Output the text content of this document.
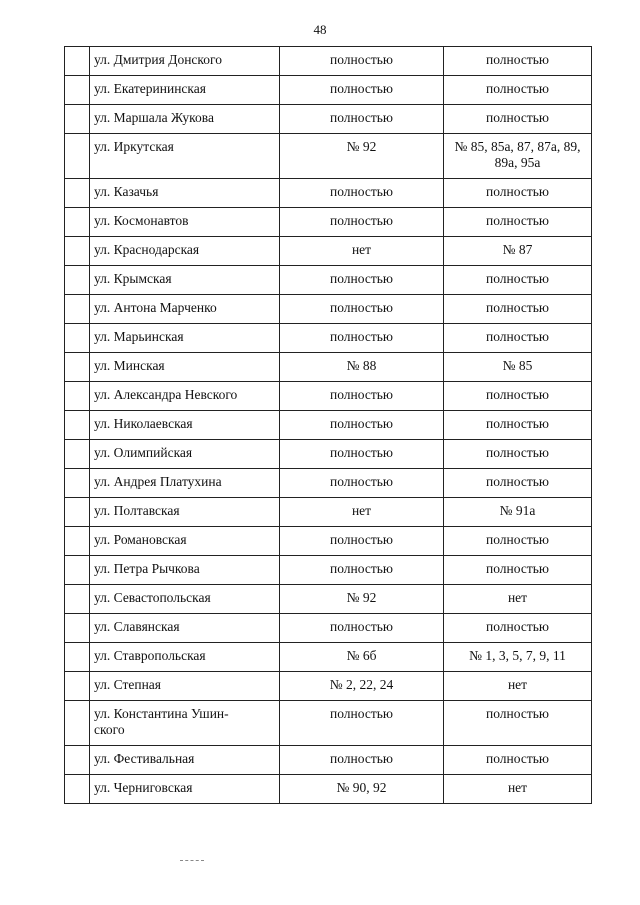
48
	ул. Дмитрия Донского	полностью	полностью
	ул. Екатерининская	полностью	полностью
	ул. Маршала Жукова	полностью	полностью
	ул. Иркутская	№ 92	№ 85, 85а, 87, 87а, 89, 89а, 95а
	ул. Казачья	полностью	полностью
	ул. Космонавтов	полностью	полностью
	ул. Краснодарская	нет	№ 87
	ул. Крымская	полностью	полностью
	ул. Антона Марченко	полностью	полностью
	ул. Марьинская	полностью	полностью
	ул. Минская	№ 88	№ 85
	ул. Александра Невского	полностью	полностью
	ул. Николаевская	полностью	полностью
	ул. Олимпийская	полностью	полностью
	ул. Андрея Платухина	полностью	полностью
	ул. Полтавская	нет	№ 91а
	ул. Романовская	полностью	полностью
	ул. Петра Рычкова	полностью	полностью
	ул. Севастопольская	№ 92	нет
	ул. Славянская	полностью	полностью
	ул. Ставропольская	№ 6б	№ 1, 3, 5, 7, 9, 11
	ул. Степная	№ 2, 22, 24	нет

	ул. Константина Ушин-ского	полностью	полностью
	ул. Фестивальная	полностью	полностью
	ул. Черниговская	№ 90, 92	нет
